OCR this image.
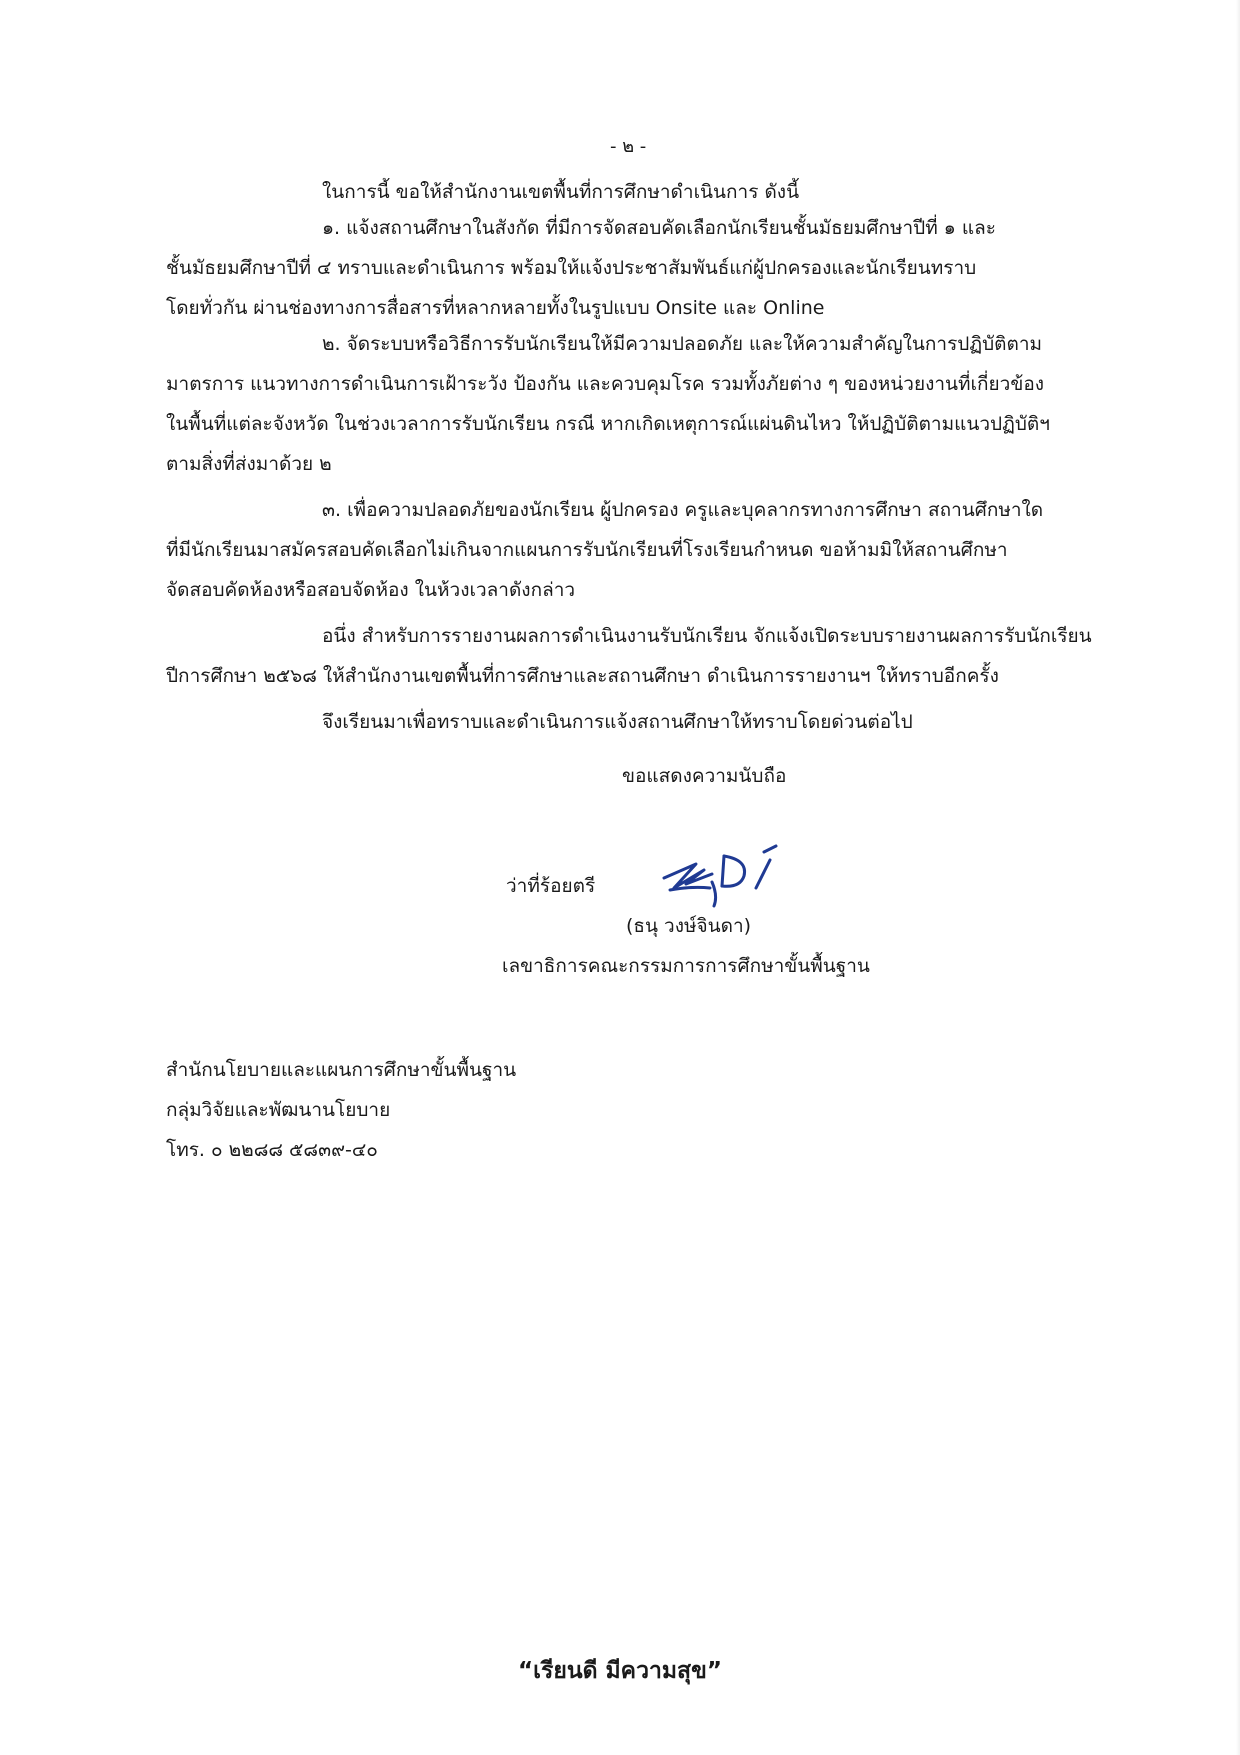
- ๒ -
ในการนี้ ขอให้สำนักงานเขตพื้นที่การศึกษาดำเนินการ ดังนี้
๑. แจ้งสถานศึกษาในสังกัด ที่มีการจัดสอบคัดเลือกนักเรียนชั้นมัธยมศึกษาปีที่ ๑ และ
ชั้นมัธยมศึกษาปีที่ ๔ ทราบและดำเนินการ พร้อมให้แจ้งประชาสัมพันธ์แก่ผู้ปกครองและนักเรียนทราบ
โดยทั่วกัน ผ่านช่องทางการสื่อสารที่หลากหลายทั้งในรูปแบบ Onsite และ Online
๒. จัดระบบหรือวิธีการรับนักเรียนให้มีความปลอดภัย และให้ความสำคัญในการปฏิบัติตาม
มาตรการ แนวทางการดำเนินการเฝ้าระวัง ป้องกัน และควบคุมโรค รวมทั้งภัยต่าง ๆ ของหน่วยงานที่เกี่ยวข้อง
ในพื้นที่แต่ละจังหวัด ในช่วงเวลาการรับนักเรียน กรณี หากเกิดเหตุการณ์แผ่นดินไหว ให้ปฏิบัติตามแนวปฏิบัติฯ
ตามสิ่งที่ส่งมาด้วย ๒
๓. เพื่อความปลอดภัยของนักเรียน ผู้ปกครอง ครูและบุคลากรทางการศึกษา สถานศึกษาใด
ที่มีนักเรียนมาสมัครสอบคัดเลือกไม่เกินจากแผนการรับนักเรียนที่โรงเรียนกำหนด ขอห้ามมิให้สถานศึกษา
จัดสอบคัดห้องหรือสอบจัดห้อง ในห้วงเวลาดังกล่าว
อนึ่ง สำหรับการรายงานผลการดำเนินงานรับนักเรียน จักแจ้งเปิดระบบรายงานผลการรับนักเรียน
ปีการศึกษา ๒๕๖๘ ให้สำนักงานเขตพื้นที่การศึกษาและสถานศึกษา ดำเนินการรายงานฯ ให้ทราบอีกครั้ง
จึงเรียนมาเพื่อทราบและดำเนินการแจ้งสถานศึกษาให้ทราบโดยด่วนต่อไป
ขอแสดงความนับถือ
ว่าที่ร้อยตรี
(ธนุ วงษ์จินดา)
เลขาธิการคณะกรรมการการศึกษาขั้นพื้นฐาน
สำนักนโยบายและแผนการศึกษาขั้นพื้นฐาน
กลุ่มวิจัยและพัฒนานโยบาย
โทร. ๐ ๒๒๘๘ ๕๘๓๙-๔๐
“เรียนดี มีความสุข”
